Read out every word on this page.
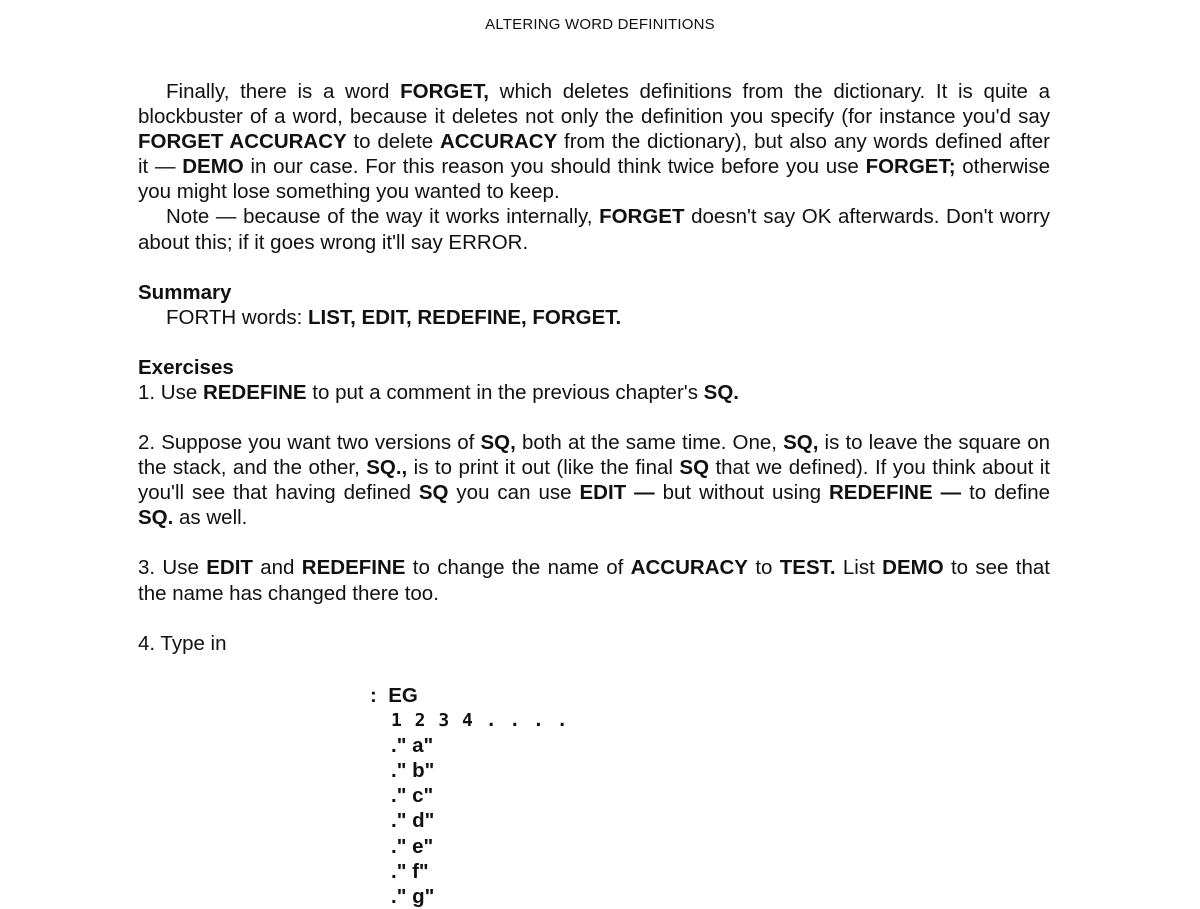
ALTERING WORD DEFINITIONS

Finally, there is a word FORGET, which deletes definitions from the dictionary. It is quite a blockbuster of a word, because it deletes not only the definition you specify (for instance you'd say FORGET ACCURACY to delete ACCURACY from the dictionary), but also any words defined after it — DEMO in our case. For this reason you should think twice before you use FORGET; otherwise you might lose something you wanted to keep.

Note — because of the way it works internally, FORGET doesn't say OK afterwards. Don't worry about this; if it goes wrong it'll say ERROR.

Summary

FORTH words: LIST, EDIT, REDEFINE, FORGET.

Exercises

1. Use REDEFINE to put a comment in the previous chapter's SQ.

2. Suppose you want two versions of SQ, both at the same time. One, SQ, is to leave the square on the stack, and the other, SQ., is to print it out (like the final SQ that we defined). If you think about it you'll see that having defined SQ you can use EDIT — but without using REDEFINE — to define SQ. as well.

3. Use EDIT and REDEFINE to change the name of ACCURACY to TEST. List DEMO to see that the name has changed there too.

4. Type in

:  EG
1 2 3 4 . . . .
." a"
." b"
." c"
." d"
." e"
." f"
." g"
